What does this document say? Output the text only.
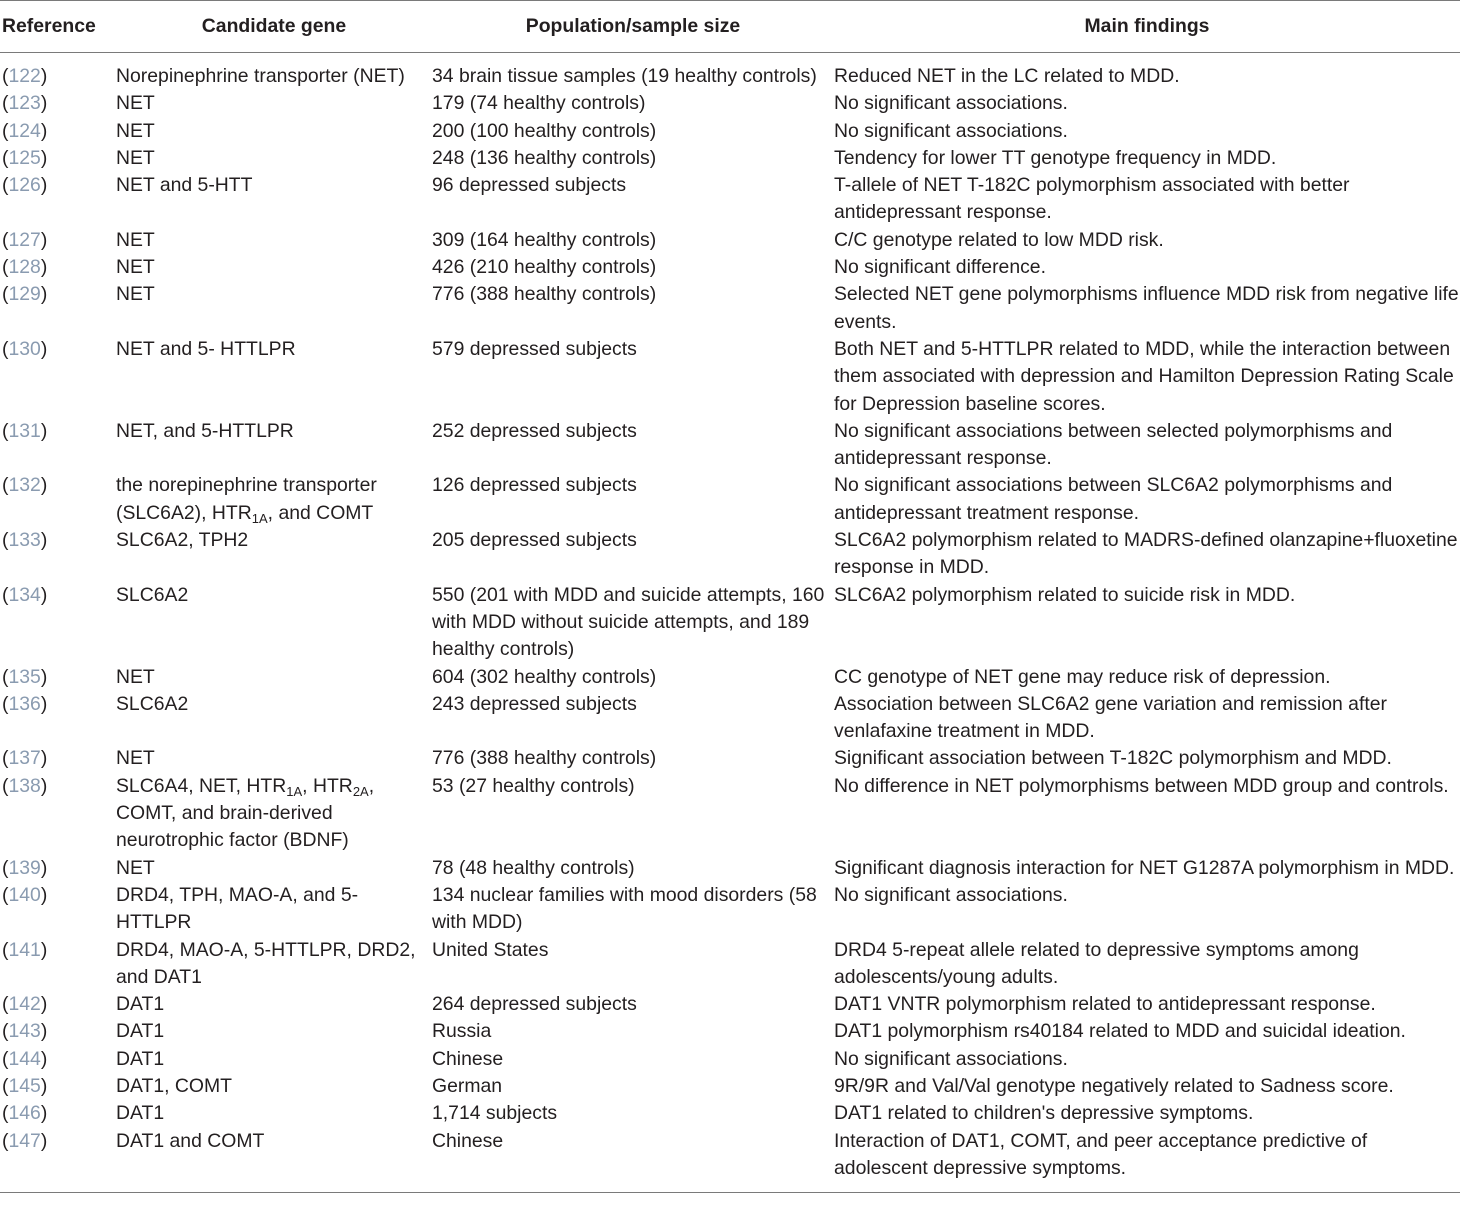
Reference	Candidate gene	Population/sample size	Main findings
(122)	Norepinephrine transporter (NET)	34 brain tissue samples (19 healthy controls)	Reduced NET in the LC related to MDD.
(123)	NET	179 (74 healthy controls)	No significant associations.
(124)	NET	200 (100 healthy controls)	No significant associations.
(125)	NET	248 (136 healthy controls)	Tendency for lower TT genotype frequency in MDD.
(126)	NET and 5-HTT	96 depressed subjects	T-allele of NET T-182C polymorphism associated with better antidepressant response.
(127)	NET	309 (164 healthy controls)	C/C genotype related to low MDD risk.
(128)	NET	426 (210 healthy controls)	No significant difference.
(129)	NET	776 (388 healthy controls)	Selected NET gene polymorphisms influence MDD risk from negative life events.
(130)	NET and 5- HTTLPR	579 depressed subjects	Both NET and 5-HTTLPR related to MDD, while the interaction between them associated with depression and Hamilton Depression Rating Scale for Depression baseline scores.
(131)	NET, and 5-HTTLPR	252 depressed subjects	No significant associations between selected polymorphisms and antidepressant response.
(132)	the norepinephrine transporter (SLC6A2), $HTR_{1A}$, and COMT	126 depressed subjects	No significant associations between SLC6A2 polymorphisms and antidepressant treatment response.
(133)	SLC6A2, TPH2	205 depressed subjects	SLC6A2 polymorphism related to MADRS-defined olanzapine+fluoxetine response in MDD.
(134)	SLC6A2	550 (201 with MDD and suicide attempts, 160 with MDD without suicide attempts, and 189 healthy controls)	SLC6A2 polymorphism related to suicide risk in MDD.
(135)	NET	604 (302 healthy controls)	CC genotype of NET gene may reduce risk of depression.
(136)	SLC6A2	243 depressed subjects	Association between SLC6A2 gene variation and remission after venlafaxine treatment in MDD.
(137)	NET	776 (388 healthy controls)	Significant association between T-182C polymorphism and MDD.
(138)	SLC6A4, NET, $HTR_{1A}$, $HTR_{2A}$, COMT, and brain-derived neurotrophic factor (BDNF)	53 (27 healthy controls)	No difference in NET polymorphisms between MDD group and controls.
(139)	NET	78 (48 healthy controls)	Significant diagnosis interaction for NET G1287A polymorphism in MDD.
(140)	DRD4, TPH, MAO-A, and 5-HTTLPR	134 nuclear families with mood disorders (58 with MDD)	No significant associations.
(141)	DRD4, MAO-A, 5-HTTLPR, DRD2, and DAT1	United States	DRD4 5-repeat allele related to depressive symptoms among adolescents/young adults.
(142)	DAT1	264 depressed subjects	DAT1 VNTR polymorphism related to antidepressant response.
(143)	DAT1	Russia	DAT1 polymorphism rs40184 related to MDD and suicidal ideation.
(144)	DAT1	Chinese	No significant associations.
(145)	DAT1, COMT	German	9R/9R and Val/Val genotype negatively related to Sadness score.
(146)	DAT1	1,714 subjects	DAT1 related to children's depressive symptoms.
(147)	DAT1 and COMT	Chinese	Interaction of DAT1, COMT, and peer acceptance predictive of adolescent depressive symptoms.
